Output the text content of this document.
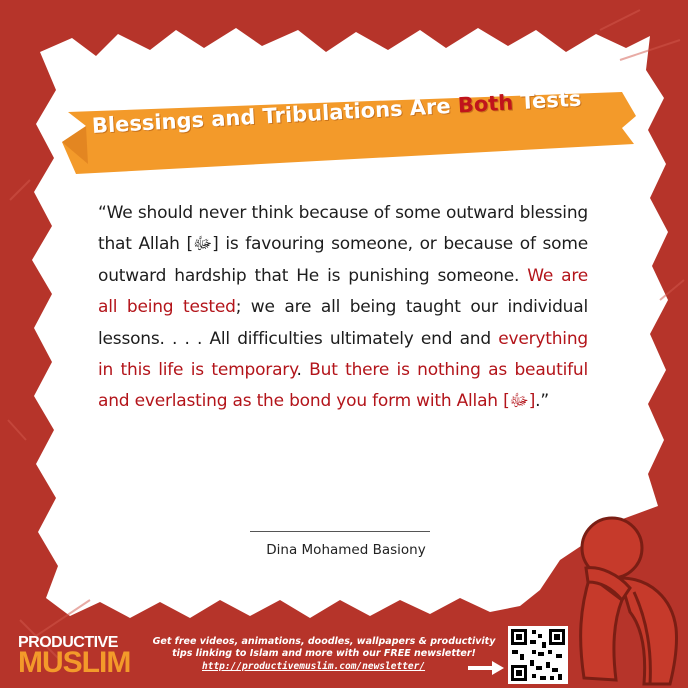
Blessings and Tribulations Are Both Tests
“We should never think because of some outward blessing that Allah [ﷻ] is favouring someone, or because of some outward hardship that He is punishing someone. We are all being tested; we are all being taught our individual lessons. . . . All difficulties ultimately end and everything in this life is temporary. But there is nothing as beautiful and everlasting as the bond you form with Allah [ﷻ].”
Dina Mohamed Basiony
PRODUCTIVE
MUSLIM
Get free videos, animations, doodles, wallpapers & productivity
tips linking to Islam and more with our FREE newsletter!
http://productivemuslim.com/newsletter/
